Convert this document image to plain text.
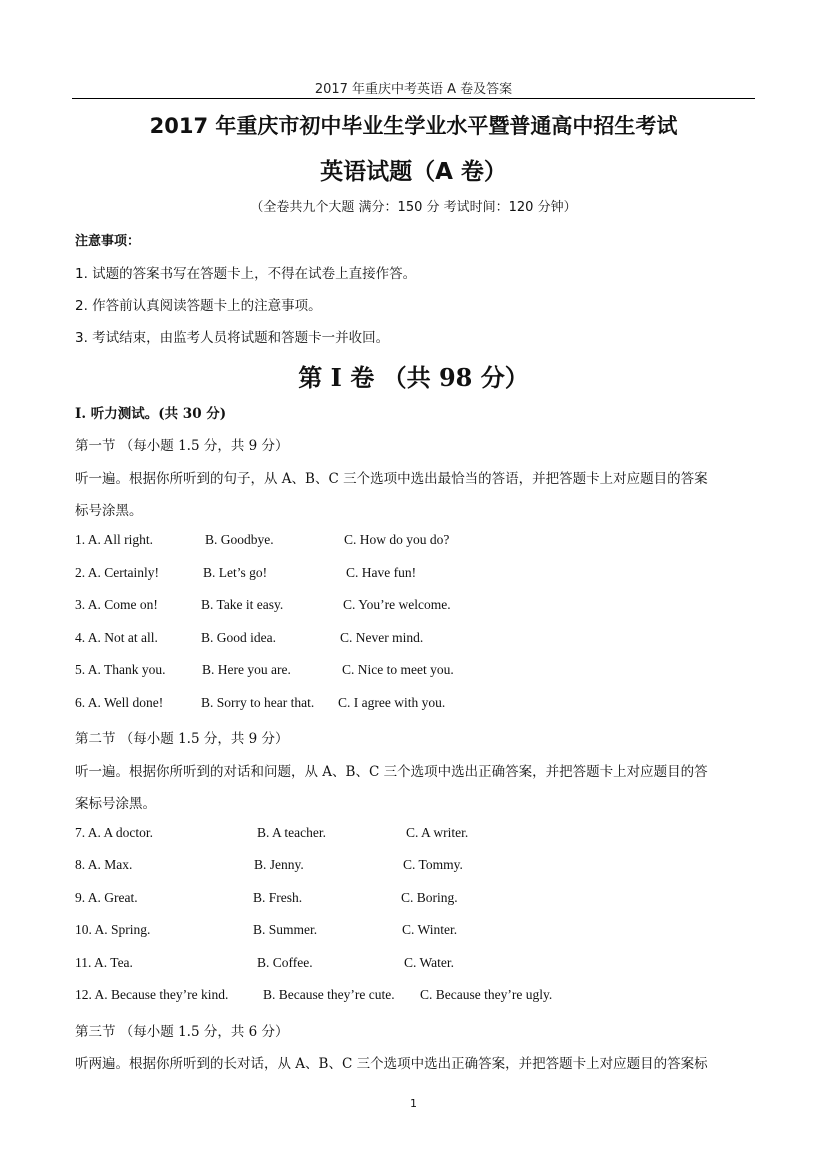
2017 年重庆中考英语 A 卷及答案
2017 年重庆市初中毕业生学业水平暨普通高中招生考试
英语试题（A 卷）
（全卷共九个大题 满分：150 分 考试时间：120 分钟）
注意事项：
1. 试题的答案书写在答题卡上，不得在试卷上直接作答。
2. 作答前认真阅读答题卡上的注意事项。
3. 考试结束，由监考人员将试题和答题卡一并收回。
第 I 卷 （共 98 分）
I. 听力测试。(共 30 分)
第一节 （每小题 1.5 分，共 9 分）
听一遍。根据你所听到的句子，从 A、B、C 三个选项中选出最恰当的答语，并把答题卡上对应题目的答案
标号涂黑。
1. A. All right.	B. Goodbye.	C. How do you do?
2. A. Certainly!	B. Let’s go!	C. Have fun!
3. A. Come on!	B. Take it easy.	C. You’re welcome.
4. A. Not at all.	B. Good idea.	C. Never mind.
5. A. Thank you.	B. Here you are.	C. Nice to meet you.
6. A. Well done!	B. Sorry to hear that. C. I agree with you.
第二节 （每小题 1.5 分，共 9 分）
听一遍。根据你所听到的对话和问题，从 A、B、C 三个选项中选出正确答案，并把答题卡上对应题目的答
案标号涂黑。
7. A. A doctor.	B. A teacher.	C. A writer.
8. A. Max.	B. Jenny.	C. Tommy.
9. A. Great.	B. Fresh.	C. Boring.
10. A. Spring.	B. Summer.	C. Winter.
11. A. Tea.	B. Coffee.	C. Water.
12. A. Because they’re kind.	B. Because they’re cute. C. Because they’re ugly.
第三节 （每小题 1.5 分，共 6 分）
听两遍。根据你所听到的长对话，从 A、B、C 三个选项中选出正确答案，并把答题卡上对应题目的答案标
1
